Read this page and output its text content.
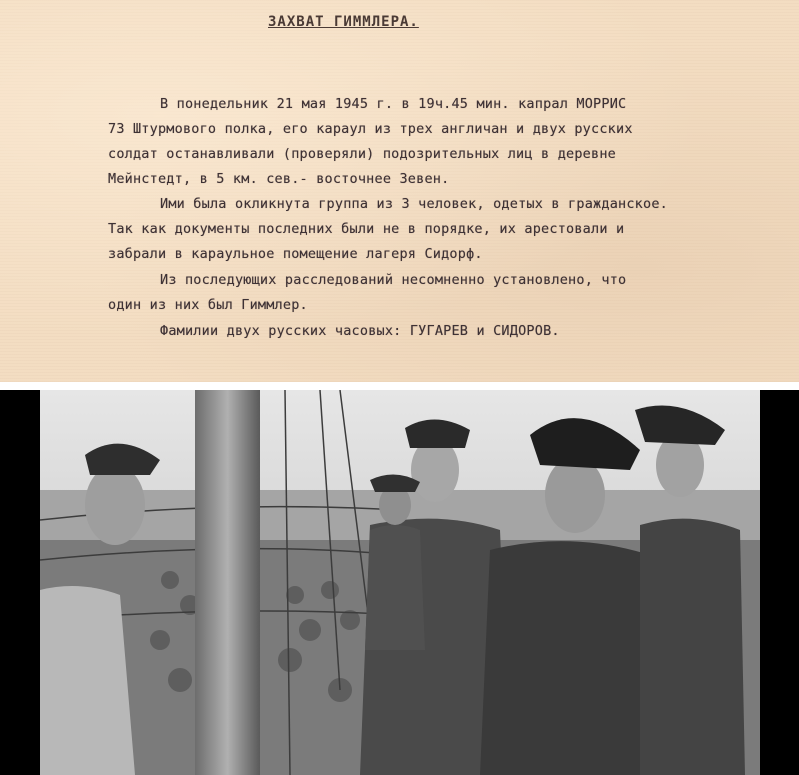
ЗАХВАТ ГИММЛЕРА.
В понедельник 21 мая 1945 г. в 19ч.45 мин. капрал МОРРИС
73 Штурмового полка, его караул из трех англичан и двух русских
солдат останавливали (проверяли) подозрительных лиц в деревне
Мейнстедт, в 5 км. сев.- восточнее Зевен.
Ими была окликнута группа из 3 человек, одетых в гражданское.
Так как документы последних были не в порядке, их арестовали и
забрали в караульное помещение лагеря Сидорф.
Из последующих расследований несомненно установлено, что
один из них был Гиммлер.
Фамилии двух русских часовых: ГУГАРЕВ и СИДОРОВ.
